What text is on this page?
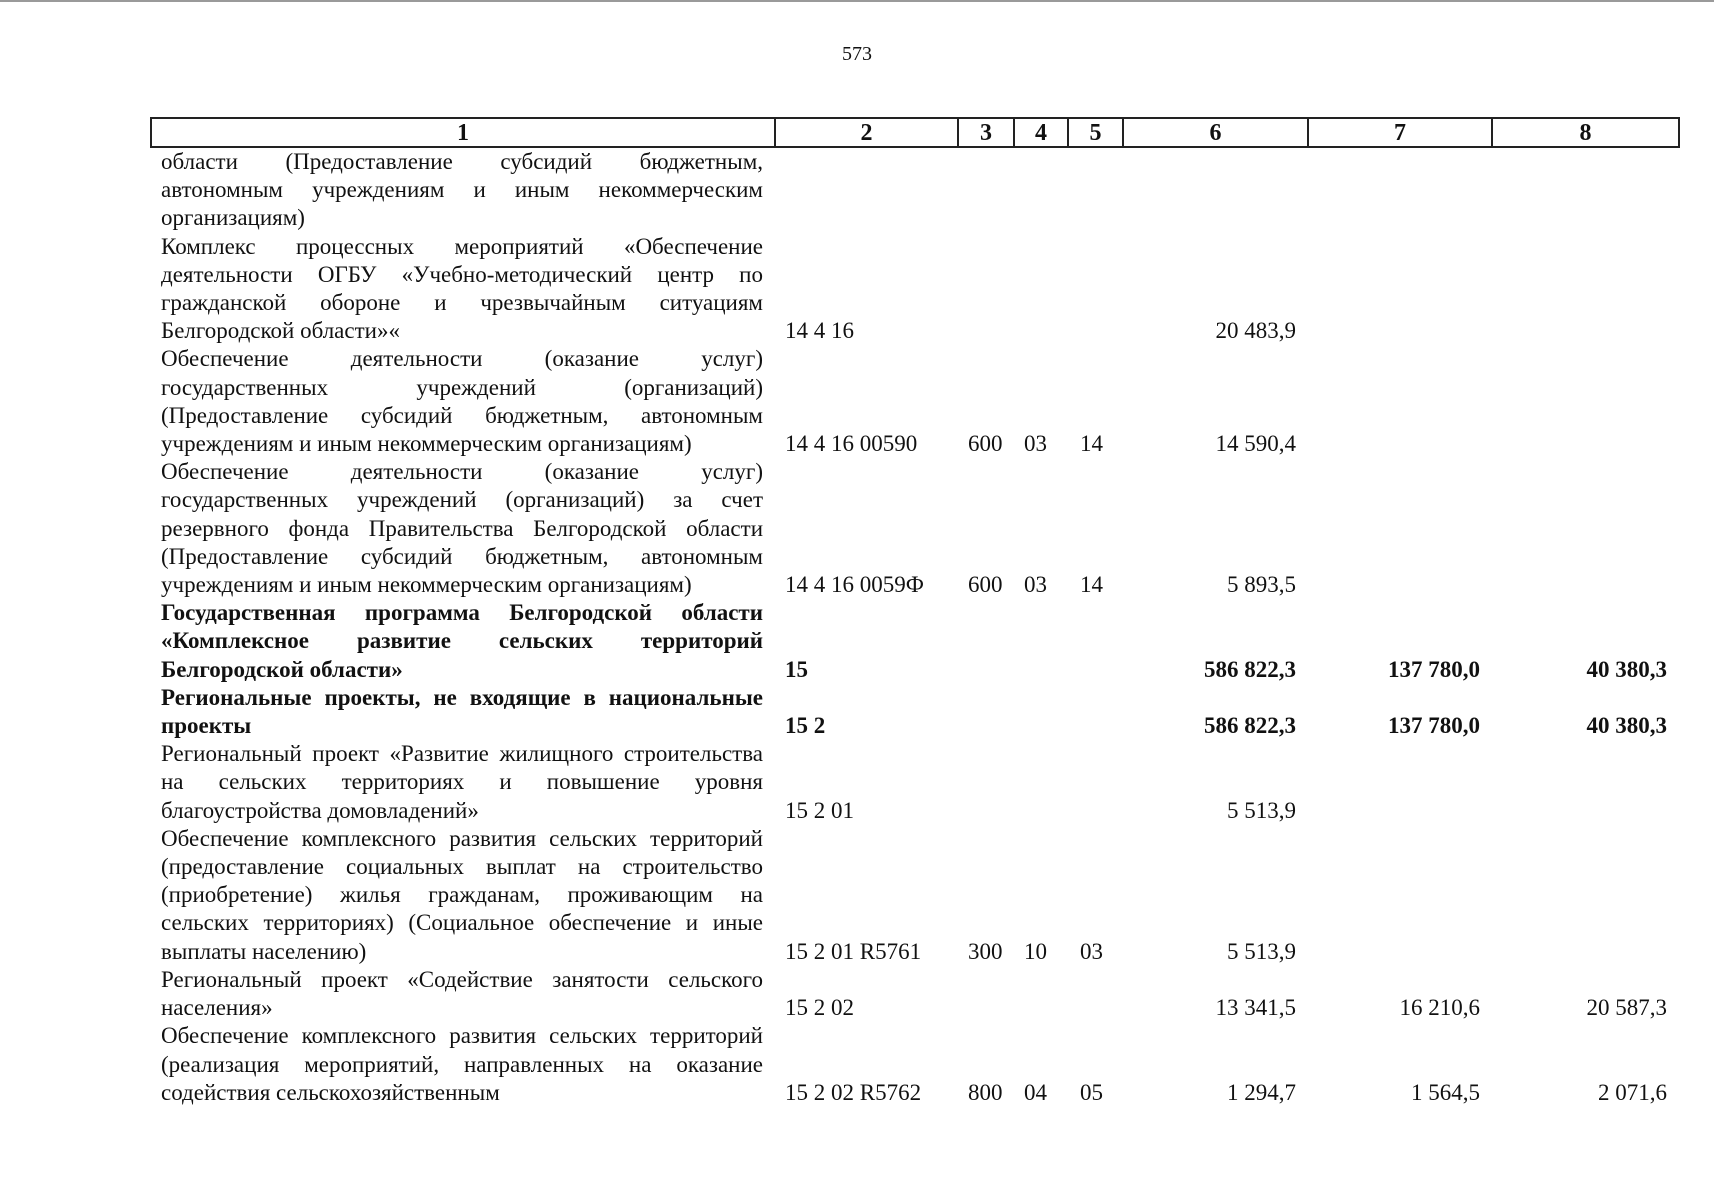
573
1	2	3	4	5	6	7	8
области (Предоставление субсидий бюджетным, автономным учреждениям и иным некоммерческим организациям)							
Комплекс процессных мероприятий «Обеспечение деятельности ОГБУ «Учебно-методический центр по гражданской обороне и чрезвычайным ситуациям Белгородской области»«	14 4 16				20 483,9		
Обеспечение деятельности (оказание услуг) государственных учреждений (организаций) (Предоставление субсидий бюджетным, автономным учреждениям и иным некоммерческим организациям)	14 4 16 00590	600	03	14	14 590,4		
Обеспечение деятельности (оказание услуг) государственных учреждений (организаций) за счет резервного фонда Правительства Белгородской области (Предоставление субсидий бюджетным, автономным учреждениям и иным некоммерческим организациям)	14 4 16 0059Ф	600	03	14	5 893,5		
Государственная программа Белгородской области «Комплексное развитие сельских территорий Белгородской области»	15				586 822,3	137 780,0	40 380,3
Региональные проекты, не входящие в национальные проекты	15 2				586 822,3	137 780,0	40 380,3
Региональный проект «Развитие жилищного строительства на сельских территориях и повышение уровня благоустройства домовладений»	15 2 01				5 513,9		
Обеспечение комплексного развития сельских территорий (предоставление социальных выплат на строительство (приобретение) жилья гражданам, проживающим на сельских территориях) (Социальное обеспечение и иные выплаты населению)	15 2 01 R5761	300	10	03	5 513,9		
Региональный проект «Содействие занятости сельского населения»	15 2 02				13 341,5	16 210,6	20 587,3
Обеспечение комплексного развития сельских территорий (реализация мероприятий, направленных на оказание содействия сельскохозяйственным	15 2 02 R5762	800	04	05	1 294,7	1 564,5	2 071,6
